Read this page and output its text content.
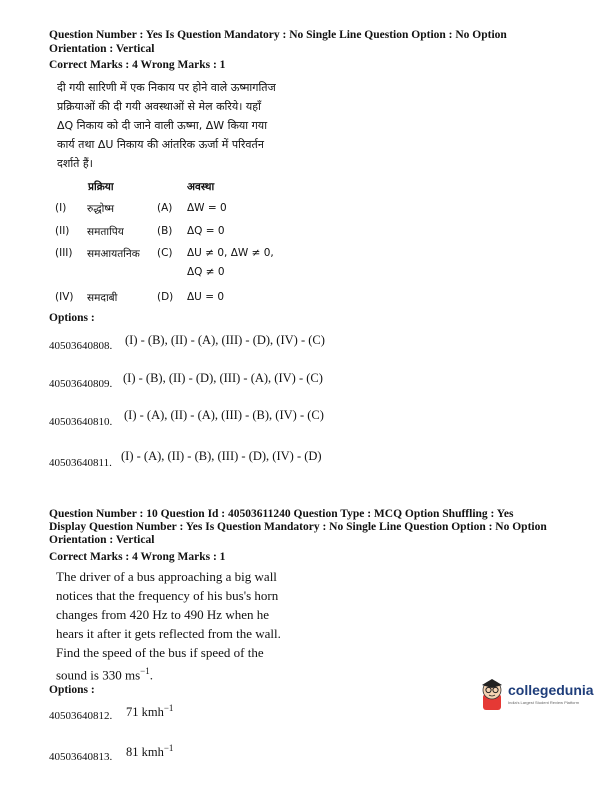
Question Number : Yes Is Question Mandatory : No Single Line Question Option : No Option
Orientation : Vertical
Correct Marks : 4 Wrong Marks : 1
दी गयी सारिणी में एक निकाय पर होने वाले ऊष्मागतिज
प्रक्रियाओं की दी गयी अवस्थाओं से मेल करिये। यहाँ
ΔQ निकाय को दी जाने वाली ऊष्मा, ΔW किया गया
कार्य तथा ΔU निकाय की आंतरिक ऊर्जा में परिवर्तन
दर्शाते हैं।
प्रक्रिया	अवस्था
(I) रुद्धोष्म	(A) ΔW = 0
(II) समतापिय	(B) ΔQ = 0
(III) समआयतनिक (C) ΔU ≠ 0, ΔW ≠ 0,
ΔQ ≠ 0
(IV) समदाबी	(D) ΔU = 0
Options :
40503640808. (I) - (B), (II) - (A), (III) - (D), (IV) - (C)
40503640809. (I) - (B), (II) - (D), (III) - (A), (IV) - (C)
40503640810. (I) - (A), (II) - (A), (III) - (B), (IV) - (C)
40503640811. (I) - (A), (II) - (B), (III) - (D), (IV) - (D)
Question Number : 10 Question Id : 40503611240 Question Type : MCQ Option Shuffling : Yes
Display Question Number : Yes Is Question Mandatory : No Single Line Question Option : No Option
Orientation : Vertical
Correct Marks : 4 Wrong Marks : 1
The driver of a bus approaching a big wall
notices that the frequency of his bus's horn
changes from 420 Hz to 490 Hz when he
hears it after it gets reflected from the wall.
Find the speed of the bus if speed of the
sound is 330 $ms^{-1}$.
Options :
40503640812. 71 kmh$^{-1}$
40503640813. 81 kmh$^{-1}$
collegedunia
India's Largest Student Review Platform
